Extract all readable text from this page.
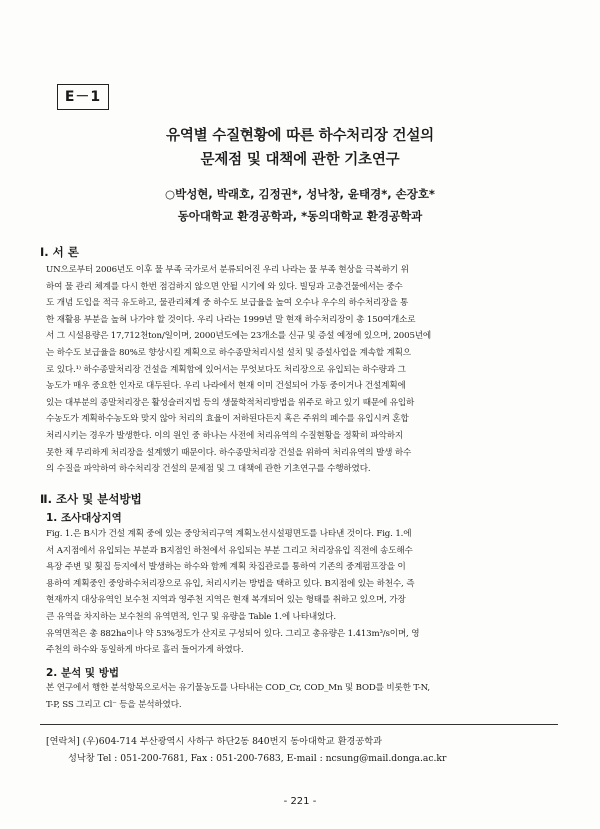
E－1
유역별 수질현황에 따른 하수처리장 건설의
문제점 및 대책에 관한 기초연구
○박성현, 박래호, 김정권*, 성낙창, 윤태경*, 손장호*
동아대학교 환경공학과, *동의대학교 환경공학과
Ⅰ. 서 론
UN으로부터 2006년도 이후 물 부족 국가로서 분류되어진 우리 나라는 물 부족 현상을 극복하기 위
하여 물 관리 체계를 다시 한번 점검하지 않으면 안될 시기에 와 있다. 빌딩과 고층건물에서는 중수
도 개념 도입을 적극 유도하고, 물관리체계 중 하수도 보급율을 높여 오수나 우수의 하수처리장을 통
한 재활용 부분을 높혀 나가야 할 것이다. 우리 나라는 1999년 말 현재 하수처리장이 총 150여개소로
서 그 시설용량은 17,712천ton/일이며, 2000년도에는 23개소를 신규 및 증설 예정에 있으며, 2005년에
는 하수도 보급율을 80%로 향상시킬 계획으로 하수종말처리시설 설치 및 증설사업을 계속할 계획으
로 있다.¹⁾ 하수종말처리장 건설을 계획함에 있어서는 무엇보다도 처리장으로 유입되는 하수량과 그
농도가 매우 중요한 인자로 대두된다. 우리 나라에서 현재 이미 건설되어 가동 중이거나 건설계획에
있는 대부분의 종말처리장은 활성슬러지법 등의 생물학적처리방법을 위주로 하고 있기 때문에 유입하
수농도가 계획하수농도와 맞지 않아 처리의 효율이 저하된다든지 혹은 주위의 폐수를 유입시켜 혼합
처리시키는 경우가 발생한다. 이의 원인 중 하나는 사전에 처리유역의 수질현황을 정확히 파악하지
못한 채 무리하게 처리장을 설계했기 때문이다. 하수종말처리장 건설을 위하여 처리유역의 발생 하수
의 수질을 파악하여 하수처리장 건설의 문제점 및 그 대책에 관한 기초연구를 수행하였다.
Ⅱ. 조사 및 분석방법
1. 조사대상지역
Fig. 1.은 B시가 건설 계획 중에 있는 중앙처리구역 계획노선시설평면도를 나타낸 것이다. Fig. 1.에
서 A지점에서 유입되는 부분과 B지점인 하천에서 유입되는 부분 그리고 처리장유입 직전에 송도해수
욕장 주변 및 횟집 등지에서 발생하는 하수와 함께 계획 차집관로를 통하여 기존의 중계펌프장을 이
용하여 계획중인 중앙하수처리장으로 유입, 처리시키는 방법을 택하고 있다. B지점에 있는 하천수, 즉
현재까지 대상유역인 보수천 지역과 영주천 지역은 현재 복개되어 있는 형태를 취하고 있으며, 가장
큰 유역을 차지하는 보수천의 유역면적, 인구 및 유량을 Table 1.에 나타내었다.
유역면적은 총 882ha이나 약 53%정도가 산지로 구성되어 있다. 그리고 총유량은 1.413m³/s이며, 영
주천의 하수와 동일하게 바다로 흘러 들어가게 하였다.
2. 분석 및 방법
본 연구에서 행한 분석항목으로서는 유기물농도를 나타내는 COD_Cr, COD_Mn 및 BOD를 비롯한 T-N,
T-P, SS 그리고 Cl⁻ 등을 분석하였다.
[연락처] (우)604-714 부산광역시 사하구 하단2동 840번지 동아대학교 환경공학과
성낙창 Tel : 051-200-7681, Fax : 051-200-7683, E-mail : ncsung@mail.donga.ac.kr
- 221 -
